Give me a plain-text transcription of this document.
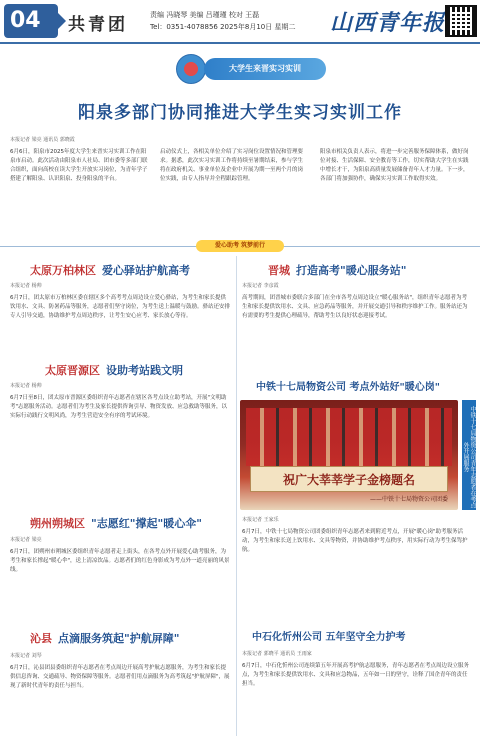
04	共青团	责编 冯晓琴 美编 吕瑾瑾 校对 王磊
Tel：0351-4078856 2025年8月10日 星期二 山西青年报
大学生来晋实习实训
阳泉多部门协同推进大学生实习实训工作
本报记者 梁亮 通讯员 郭晓霞
6月6日，阳泉市2025年度大学生来晋实习实训工作在阳泉市启动。此次活动由阳泉市人社局、团市委等多部门联合组织，面向高校在读大学生开放实习岗位，为青年学子搭建了解阳泉、认识阳泉、投身阳泉的平台。
启动仪式上，各相关单位介绍了实习岗位设置情况和管理要求。据悉，此次实习实训工作将持续至暑期结束，参与学生将在政府机关、事业单位及企业中开展为期一至两个月的岗位实践，由专人指导并全程跟踪管理。
阳泉市相关负责人表示，将进一步完善服务保障体系，做好岗位对接、生活保障、安全教育等工作，切实帮助大学生在实践中增长才干，为阳泉高质量发展储备青年人才力量。下一步，各部门将加强协作，确保实习实训工作取得实效。
爱心助考 筑梦前行
太原万柏林区 爱心驿站护航高考
本报记者 杨帅
6月7日，团太原市万柏林区委在辖区多个高考考点周边设立爱心驿站，为考生和家长提供饮用水、文具、防暑药品等服务，志愿者们坚守岗位，为考生送上温暖与鼓励。驿站还安排专人引导交通，协助维护考点周边秩序，让考生安心应考、家长放心等待。
太原晋源区 设助考站践文明
本报记者 杨帅
6月7日至8日，团太原市晋源区委组织青年志愿者在辖区各考点设立助考站，开展"文明助考"志愿服务活动。志愿者们为考生及家长提供咨询引导、物资发放、应急救助等服务，以实际行动践行文明风尚，为考生营造安全有序的考试环境。
朔州朔城区 "志愿红"撑起"暖心伞"
本报记者 梁亮
6月7日，团朔州市朔城区委组织青年志愿者走上街头，在各考点外开展爱心助考服务，为考生和家长撑起"暖心伞"，送上清凉饮品。志愿者们的红色身影成为考点外一道亮丽的风景线。
沁县 点滴服务筑起"护航屏障"
本报记者 刘琴
6月7日，沁县团县委组织青年志愿者在考点周边开展高考护航志愿服务，为考生和家长提供信息咨询、交通疏导、物资保障等服务。志愿者们用点滴服务为高考筑起"护航屏障"，展现了新时代青年的责任与担当。
晋城 打造高考"暖心服务站"
本报记者 李彦霞
高考期间，团晋城市委联合多部门在全市各考点周边设立"暖心服务站"，组织青年志愿者为考生和家长提供饮用水、文具、应急药品等服务，并开展交通引导和秩序维护工作。服务站还为有需要的考生提供心理疏导，帮助考生以良好状态迎接考试。
中铁十七局物资公司 考点外站好"暖心岗"
祝广大莘莘学子金榜题名
——中铁十七局物资公司团委	中铁十七局物资公司青年志愿者在考点外开展服务
本报记者 王家乐
6月7日，中铁十七局物资公司团委组织青年志愿者来到附近考点，开展"暖心岗"助考服务活动，为考生和家长送上饮用水、文具等物资，并协助维护考点秩序，用实际行动为考生保驾护航。
中石化忻州公司 五年坚守全力护考
本报记者 郭晓平 通讯员 王雨家
6月7日，中石化忻州公司连续第五年开展高考护航志愿服务，青年志愿者在考点周边设立服务点，为考生和家长提供饮用水、文具和应急物品，五年如一日的坚守，诠释了国企青年的责任担当。
